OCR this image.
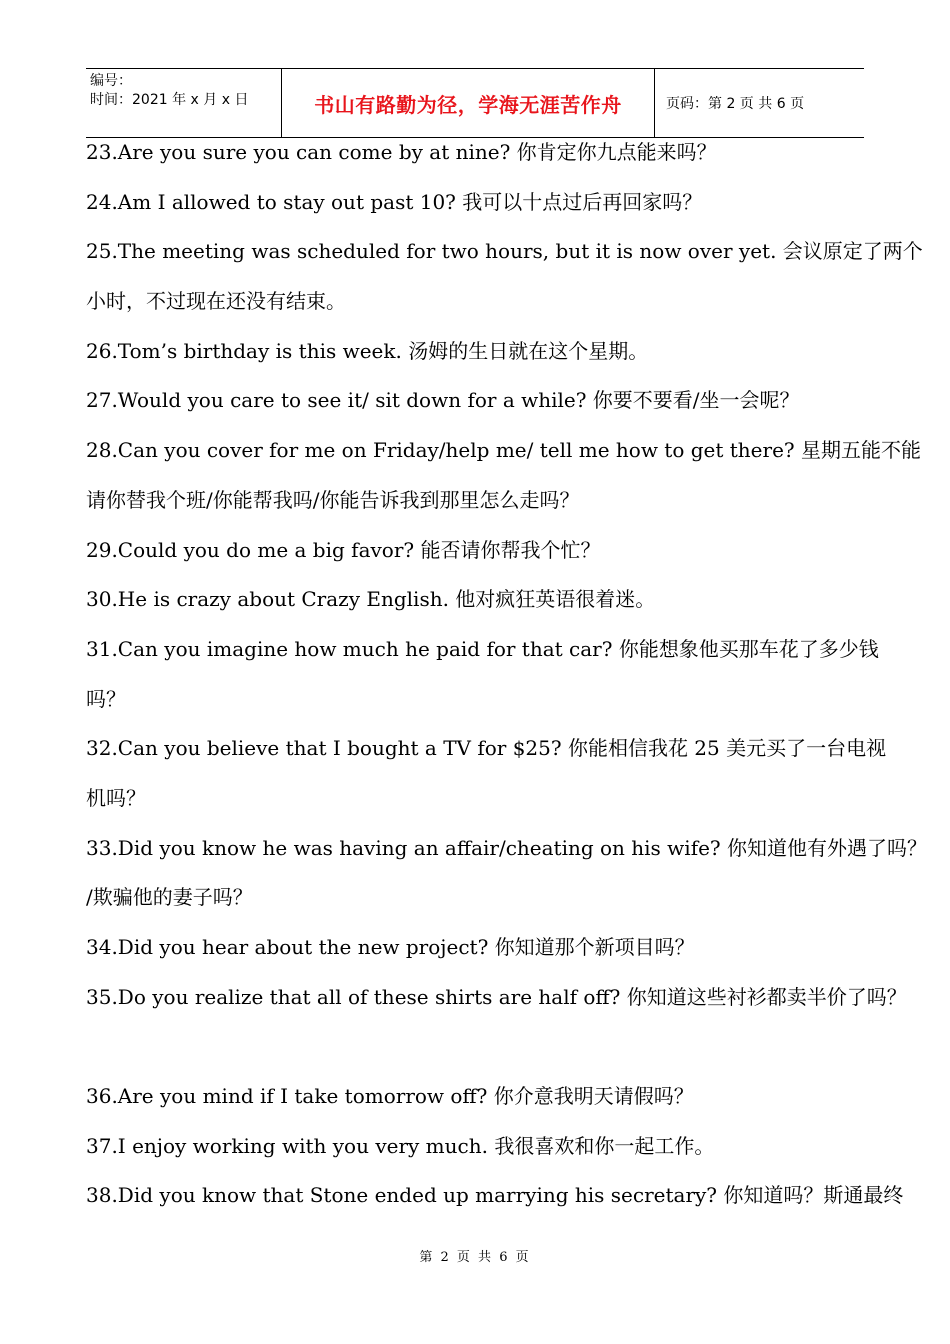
编号：
时间：2021 年 x 月 x 日	书山有路勤为径，学海无涯苦作舟	页码：第 2 页 共 6 页
23.Are you sure you can come by at nine? 你肯定你九点能来吗？
24.Am I allowed to stay out past 10? 我可以十点过后再回家吗？
25.The meeting was scheduled for two hours, but it is now over yet. 会议原定了两个
小时，不过现在还没有结束。
26.Tom’s birthday is this week. 汤姆的生日就在这个星期。
27.Would you care to see it/ sit down for a while? 你要不要看/坐一会呢？
28.Can you cover for me on Friday/help me/ tell me how to get there? 星期五能不能
请你替我个班/你能帮我吗/你能告诉我到那里怎么走吗？
29.Could you do me a big favor? 能否请你帮我个忙？
30.He is crazy about Crazy English. 他对疯狂英语很着迷。
31.Can you imagine how much he paid for that car? 你能想象他买那车花了多少钱
吗？
32.Can you believe that I bought a TV for $25? 你能相信我花 25 美元买了一台电视
机吗？
33.Did you know he was having an affair/cheating on his wife? 你知道他有外遇了吗？
/欺骗他的妻子吗？
34.Did you hear about the new project? 你知道那个新项目吗？
35.Do you realize that all of these shirts are half off? 你知道这些衬衫都卖半价了吗？
36.Are you mind if I take tomorrow off? 你介意我明天请假吗？
37.I enjoy working with you very much. 我很喜欢和你一起工作。
38.Did you know that Stone ended up marrying his secretary? 你知道吗？斯通最终
第 2 页 共 6 页
